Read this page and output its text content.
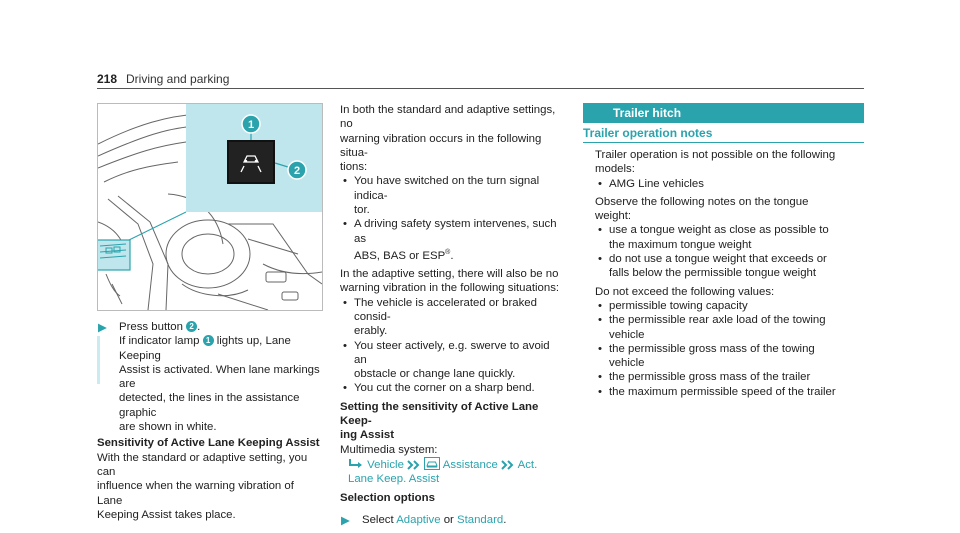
218 Driving and parking
1
2

▶ Press button 2 .
If indicator lamp 1 lights up, Lane Keeping
Assist is activated. When lane markings are
detected, the lines in the assistance graphic
are shown in white.

Sensitivity of Active Lane Keeping Assist

With the standard or adaptive setting, you can
influence when the warning vibration of Lane
Keeping Assist takes place.

In both the standard and adaptive settings, no
warning vibration occurs in the following situa-
tions:

• You have switched on the turn signal indica-
tor.

• A driving safety system intervenes, such as
ABS, BAS or ESP®.

In the adaptive setting, there will also be no
warning vibration in the following situations:

• The vehicle is accelerated or braked consid-
erably.

• You steer actively, e.g. swerve to avoid an
obstacle or change lane quickly.

• You cut the corner on a sharp bend.

Setting the sensitivity of Active Lane Keep-
ing Assist

Multimedia system:

Vehicle	Assistance Act.
Lane Keep. Assist

Selection options

▶ Select Adaptive or Standard.

Trailer hitch
Trailer operation notes

Trailer operation is not possible on the following
models:

• AMG Line vehicles

Observe the following notes on the tongue
weight:

• use a tongue weight as close as possible to
the maximum tongue weight

• do not use a tongue weight that exceeds or
falls below the permissible tongue weight

Do not exceed the following values:

• permissible towing capacity

• the permissible rear axle load of the towing
vehicle

• the permissible gross mass of the towing
vehicle

• the permissible gross mass of the trailer

• the maximum permissible speed of the trailer
